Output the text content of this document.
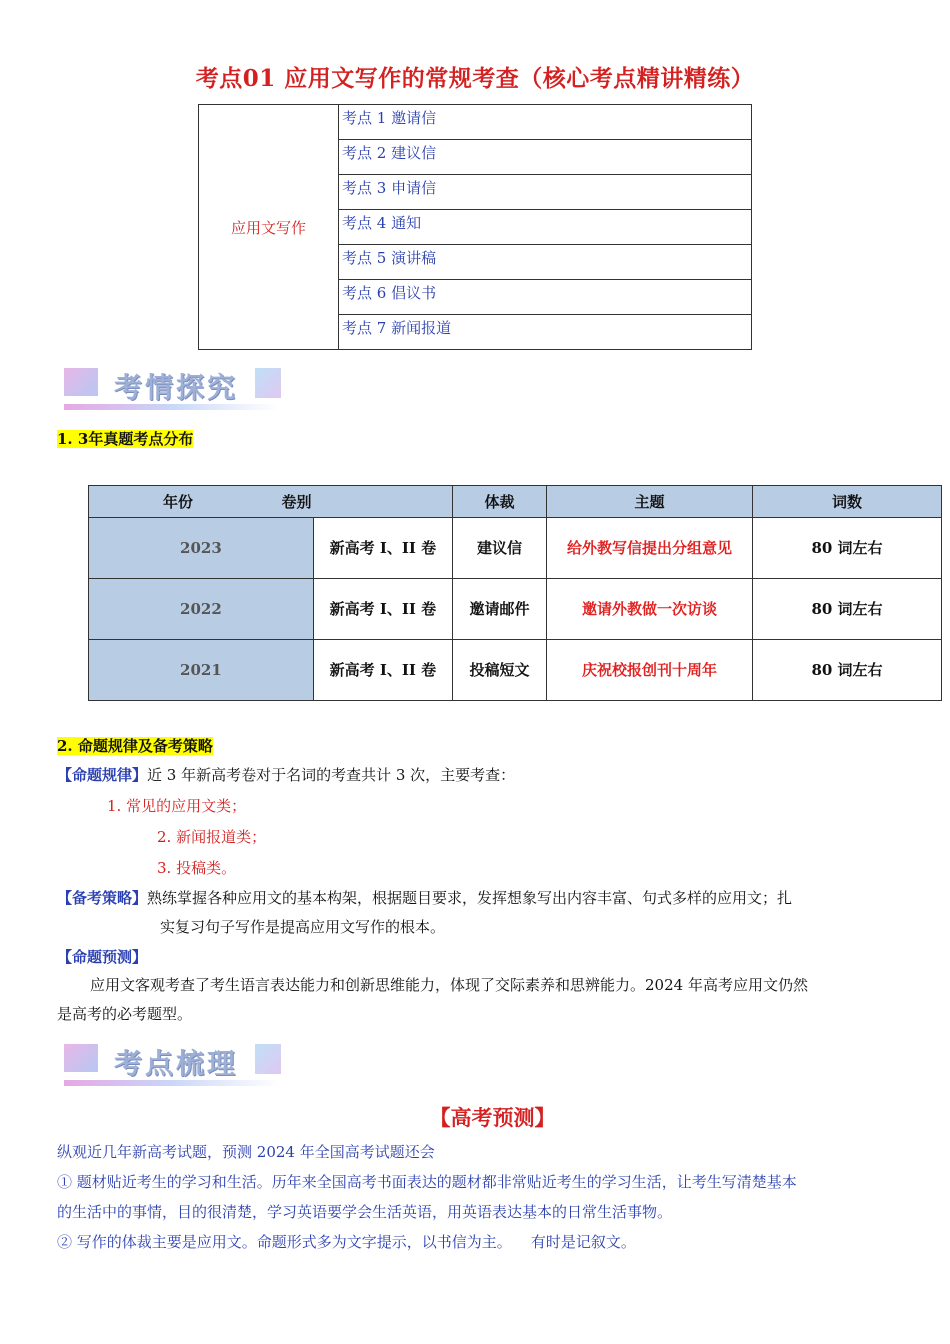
考点01 应用文写作的常规考查（核心考点精讲精练）
应用文写作	考点 1 邀请信
考点 2 建议信
考点 3 申请信
考点 4 通知
考点 5 演讲稿
考点 6 倡议书
考点 7 新闻报道
考情探究
1. 3年真题考点分布
年份 卷别		体裁	主题	词数
2023	新高考 I、II 卷	建议信	给外教写信提出分组意见	80 词左右
2022	新高考 I、II 卷	邀请邮件	邀请外教做一次访谈	80 词左右
2021	新高考 I、II 卷	投稿短文	庆祝校报创刊十周年	80 词左右
2. 命题规律及备考策略
【命题规律】近 3 年新高考卷对于名词的考查共计 3 次，主要考查：
1. 常见的应用文类；
2. 新闻报道类；
3. 投稿类。
【备考策略】熟练掌握各种应用文的基本构架，根据题目要求，发挥想象写出内容丰富、句式多样的应用文；扎
实复习句子写作是提高应用文写作的根本。
【命题预测】
应用文客观考查了考生语言表达能力和创新思维能力，体现了交际素养和思辨能力。2024 年高考应用文仍然
是高考的必考题型。
考点梳理
【高考预测】
纵观近几年新高考试题，预测 2024 年全国高考试题还会
① 题材贴近考生的学习和生活。历年来全国高考书面表达的题材都非常贴近考生的学习生活，让考生写清楚基本
的生活中的事情，目的很清楚，学习英语要学会生活英语，用英语表达基本的日常生活事物。
② 写作的体裁主要是应用文。命题形式多为文字提示，以书信为主。    有时是记叙文。
